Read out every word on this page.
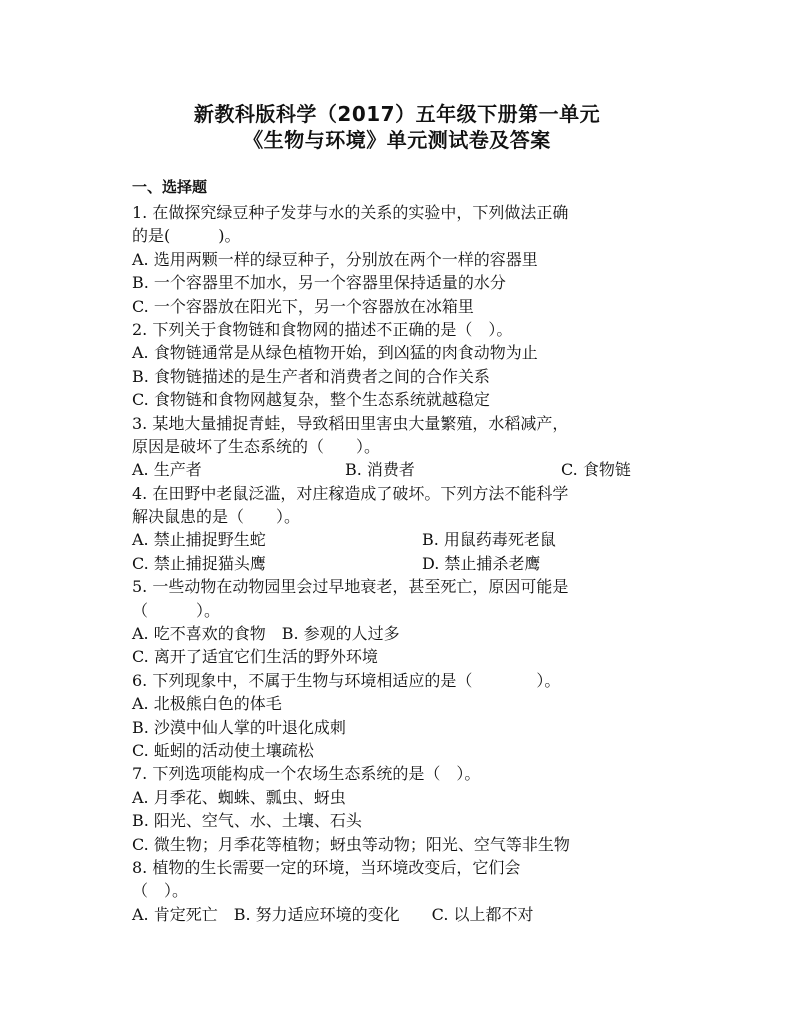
新教科版科学（2017）五年级下册第一单元
《生物与环境》单元测试卷及答案
一、选择题
1. 在做探究绿豆种子发芽与水的关系的实验中，下列做法正确
的是(　　　)。
A. 选用两颗一样的绿豆种子，分别放在两个一样的容器里
B. 一个容器里不加水，另一个容器里保持适量的水分
C. 一个容器放在阳光下，另一个容器放在冰箱里
2. 下列关于食物链和食物网的描述不正确的是（　）。
A. 食物链通常是从绿色植物开始，到凶猛的肉食动物为止
B. 食物链描述的是生产者和消费者之间的合作关系
C. 食物链和食物网越复杂，整个生态系统就越稳定
3. 某地大量捕捉青蛙，导致稻田里害虫大量繁殖，水稻减产，
原因是破坏了生态系统的（　　）。
A. 生产者	B. 消费者	C. 食物链
4. 在田野中老鼠泛滥，对庄稼造成了破坏。下列方法不能科学
解决鼠患的是（　　）。
A. 禁止捕捉野生蛇	B. 用鼠药毒死老鼠
C. 禁止捕捉猫头鹰	D. 禁止捕杀老鹰
5. 一些动物在动物园里会过早地衰老，甚至死亡，原因可能是
（　　　）。
A. 吃不喜欢的食物　B. 参观的人过多
C. 离开了适宜它们生活的野外环境
6. 下列现象中，不属于生物与环境相适应的是（　　　　）。
A. 北极熊白色的体毛
B. 沙漠中仙人掌的叶退化成刺
C. 蚯蚓的活动使土壤疏松
7. 下列选项能构成一个农场生态系统的是（　）。
A. 月季花、蜘蛛、瓢虫、蚜虫
B. 阳光、空气、水、土壤、石头
C. 微生物；月季花等植物；蚜虫等动物；阳光、空气等非生物
8. 植物的生长需要一定的环境，当环境改变后，它们会
（　）。
A. 肯定死亡　B. 努力适应环境的变化　　C. 以上都不对
